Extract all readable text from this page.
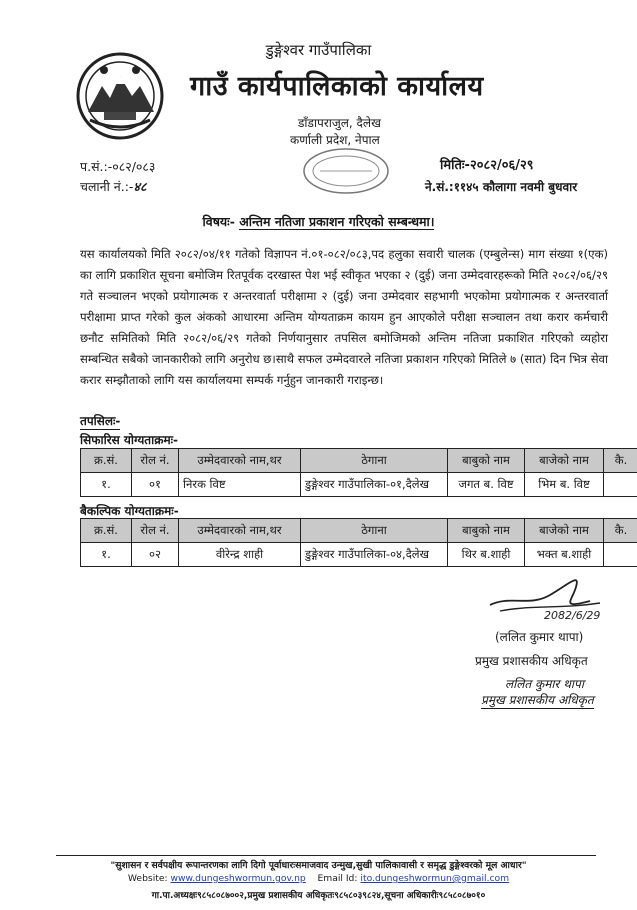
डुङ्गेश्वर गाउँपालिका
गाउँ कार्यपालिकाको कार्यालय
डाँडापराजुल, दैलेख
कर्णाली प्रदेश, नेपाल
प.सं.:-०८२/०८३
चलानी नं.:-४८
मितिः-२०८२/०६/२९
ने.सं.:११४५ कौलागा नवमी बुधवार
विषयः- अन्तिम नतिजा प्रकाशन गरिएको सम्बन्धमा।

यस कार्यालयको मिति २०८२/०४/११ गतेको विज्ञापन नं.०१-०८२/०८३,पद हलुका सवारी चालक (एम्बुलेन्स) माग संख्या १(एक) का लागि प्रकाशित सूचना बमोजिम रितपूर्वक दरखास्त पेश भई स्वीकृत भएका २ (दुई) जना उम्मेदवारहरूको मिति २०८२/०६/२९ गते सञ्चालन भएको प्रयोगात्मक र अन्तरवार्ता परीक्षामा २ (दुई) जना उम्मेदवार सहभागी भएकोमा प्रयोगात्मक र अन्तरवार्ता परीक्षामा प्राप्त गरेको कुल अंकको आधारमा अन्तिम योग्यताक्रम कायम हुन आएकोले परीक्षा सञ्चालन तथा करार कर्मचारी छनौट समितिको मिति २०८२/०६/२९ गतेको निर्णयानुसार तपसिल बमोजिमको अन्तिम नतिजा प्रकाशित गरिएको व्यहोरा सम्बन्धित सबैको जानकारीको लागि अनुरोध छ।साथै सफल उम्मेदवारले नतिजा प्रकाशन गरिएको मितिले ७ (सात) दिन भित्र सेवा करार सम्झौताको लागि यस कार्यालयमा सम्पर्क गर्नुहुन जानकारी गराइन्छ।

तपसिलः-
सिफारिस योग्यताक्रमः-
क्र.सं.	रोल नं.	उम्मेदवारको नाम,थर	ठेगाना	बाबुको नाम	बाजेको नाम	कै.
१.	०१	निरक विष्ट	डुङ्गेश्वर गाउँपालिका-०१,दैलेख	जगत ब. विष्ट	भिम ब. विष्ट	
बैकल्पिक योग्यताक्रमः-
क्र.सं.	रोल नं.	उम्मेदवारको नाम,थर	ठेगाना	बाबुको नाम	बाजेको नाम	कै.
१.	०२	वीरेन्द्र शाही	डुङ्गेश्वर गाउँपालिका-०४,दैलेख	थिर ब.शाही	भक्त ब.शाही	
2082/6/29
(ललित कुमार थापा)
प्रमुख प्रशासकीय अधिकृत
ललित कुमार थापा
प्रमुख प्रशासकीय अधिकृत
"सुशासन र सर्वपक्षीय रूपान्तरणका लागि दिगो पूर्वाधारःसमाजवाद उन्मुख,सुखी पालिकावासी र समृद्ध डुङ्गेश्वरको मूल आधार"
Website: www.dungeshwormun.gov.np Email Id: ito.dungeshwormun@gmail.com
गा.पा.अध्यक्षः९८५८०८७००२,प्रमुख प्रशासकीय अधिकृतः९८५८०३९८२४,सूचना अधिकारीः९८५८०८७०१०
